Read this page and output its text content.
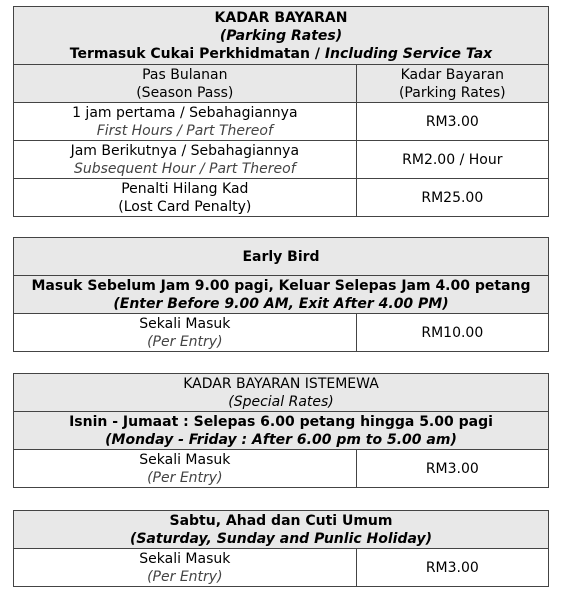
KADAR BAYARAN
(Parking Rates)
Termasuk Cukai Perkhidmatan / Including Service Tax	

Pas Bulanan
(Season Pass)	Kadar Bayaran
(Parking Rates)

1 jam pertama / Sebahagiannya
First Hours / Part Thereof	RM3.00

Jam Berikutnya / Sebahagiannya
Subsequent Hour / Part Thereof	RM2.00 / Hour

Penalti Hilang Kad
(Lost Card Penalty)	RM25.00
Early Bird

Masuk Sebelum Jam 9.00 pagi, Keluar Selepas Jam 4.00 petang
(Enter Before 9.00 AM, Exit After 4.00 PM)

Sekali Masuk
(Per Entry)
	RM10.00
KADAR BAYARAN ISTEMEWA
(Special Rates)

Isnin - Jumaat : Selepas 6.00 petang hingga 5.00 pagi
(Monday - Friday : After 6.00 pm to 5.00 am)

Sekali Masuk
(Per Entry)
	RM3.00
Sabtu, Ahad dan Cuti Umum
(Saturday, Sunday and Punlic Holiday)

Sekali Masuk
(Per Entry)
	RM3.00
